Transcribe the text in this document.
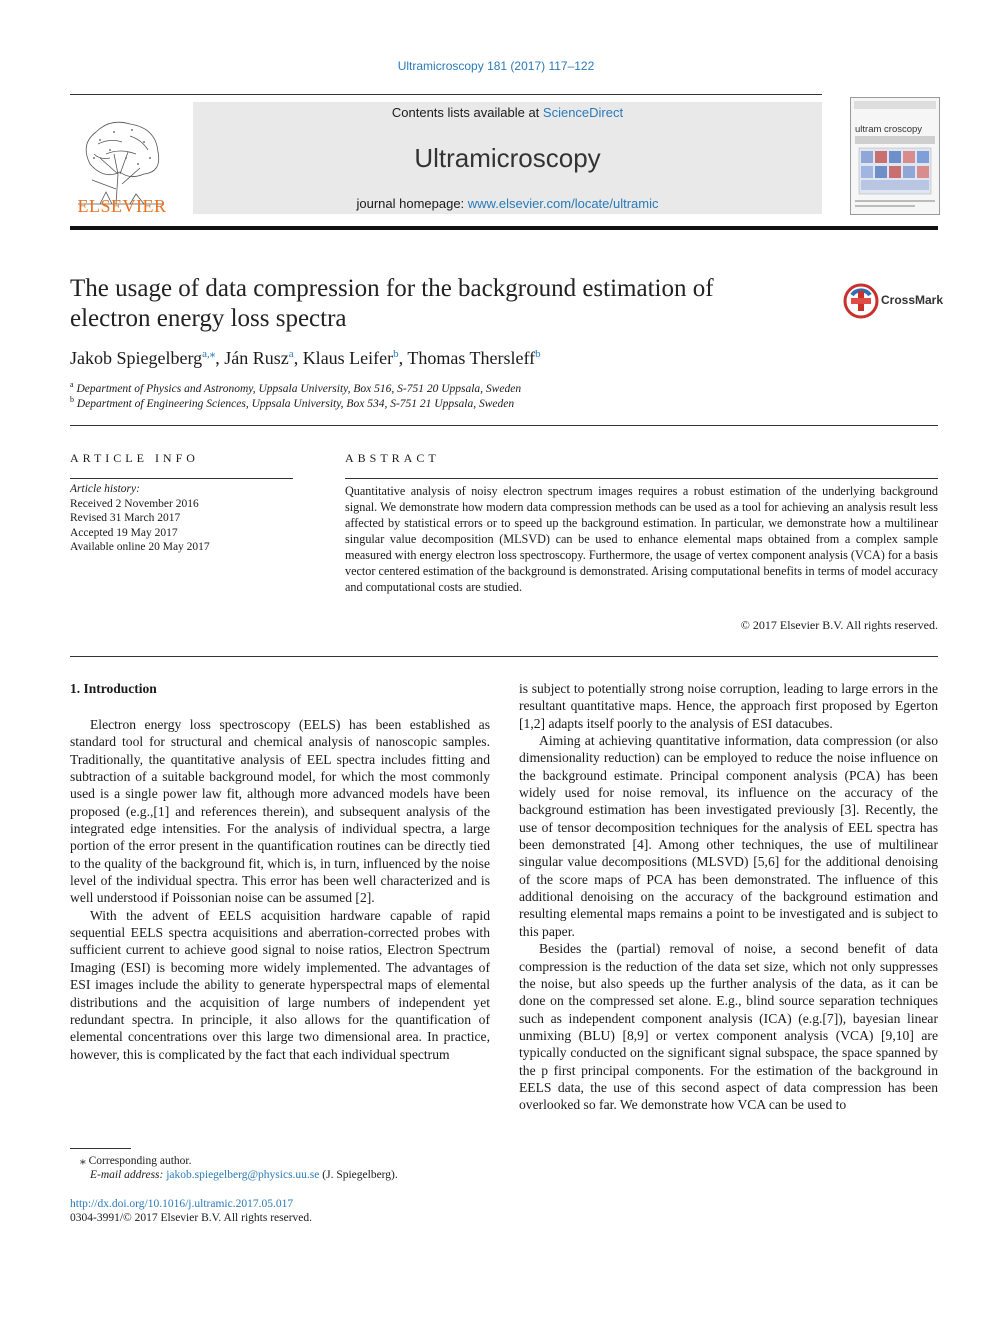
Ultramicroscopy 181 (2017) 117–122
ELSEVIER
Contents lists available at ScienceDirect
Ultramicroscopy
journal homepage: www.elsevier.com/locate/ultramic
ultram croscopy
The usage of data compression for the background estimation of electron energy loss spectra
CrossMark
Jakob Spiegelberg$^{a,⁎}$, Ján Rusz$^a$, Klaus Leifer$^b$, Thomas Thersleff$^b$
$^a$ Department of Physics and Astronomy, Uppsala University, Box 516, S-751 20 Uppsala, Sweden
$^b$ Department of Engineering Sciences, Uppsala University, Box 534, S-751 21 Uppsala, Sweden
ARTICLE INFO	ABSTRACT
Article history:
Received 2 November 2016
Revised 31 March 2017
Accepted 19 May 2017
Available online 20 May 2017
Quantitative analysis of noisy electron spectrum images requires a robust estimation of the underlying background signal. We demonstrate how modern data compression methods can be used as a tool for achieving an analysis result less affected by statistical errors or to speed up the background estimation. In particular, we demonstrate how a multilinear singular value decomposition (MLSVD) can be used to enhance elemental maps obtained from a complex sample measured with energy electron loss spectroscopy. Furthermore, the usage of vertex component analysis (VCA) for a basis vector centered estimation of the background is demonstrated. Arising computational benefits in terms of model accuracy and computational costs are studied.
© 2017 Elsevier B.V. All rights reserved.
1. Introduction

Electron energy loss spectroscopy (EELS) has been established as standard tool for structural and chemical analysis of nanoscopic samples. Traditionally, the quantitative analysis of EEL spectra includes fitting and subtraction of a suitable background model, for which the most commonly used is a single power law fit, although more advanced models have been proposed (e.g.,[1] and references therein), and subsequent analysis of the integrated edge intensities. For the analysis of individual spectra, a large portion of the error present in the quantification routines can be directly tied to the quality of the background fit, which is, in turn, influenced by the noise level of the individual spectra. This error has been well characterized and is well understood if Poissonian noise can be assumed [2].

With the advent of EELS acquisition hardware capable of rapid sequential EELS spectra acquisitions and aberration-corrected probes with sufficient current to achieve good signal to noise ratios, Electron Spectrum Imaging (ESI) is becoming more widely implemented. The advantages of ESI images include the ability to generate hyperspectral maps of elemental distributions and the acquisition of large numbers of independent yet redundant spectra. In principle, it also allows for the quantification of elemental concentrations over this large two dimensional area. In practice, however, this is complicated by the fact that each individual spectrum

is subject to potentially strong noise corruption, leading to large errors in the resultant quantitative maps. Hence, the approach first proposed by Egerton [1,2] adapts itself poorly to the analysis of ESI datacubes.

Aiming at achieving quantitative information, data compression (or also dimensionality reduction) can be employed to reduce the noise influence on the background estimate. Principal component analysis (PCA) has been widely used for noise removal, its influence on the accuracy of the background estimation has been investigated previously [3]. Recently, the use of tensor decomposition techniques for the analysis of EEL spectra has been demonstrated [4]. Among other techniques, the use of multilinear singular value decompositions (MLSVD) [5,6] for the additional denoising of the score maps of PCA has been demonstrated. The influence of this additional denoising on the accuracy of the background estimation and resulting elemental maps remains a point to be investigated and is subject to this paper.

Besides the (partial) removal of noise, a second benefit of data compression is the reduction of the data set size, which not only suppresses the noise, but also speeds up the further analysis of the data, as it can be done on the compressed set alone. E.g., blind source separation techniques such as independent component analysis (ICA) (e.g.[7]), bayesian linear unmixing (BLU) [8,9] or vertex component analysis (VCA) [9,10] are typically conducted on the significant signal subspace, the space spanned by the p first principal components. For the estimation of the background in EELS data, the use of this second aspect of data compression has been overlooked so far. We demonstrate how VCA can be used to

⁎ Corresponding author.
E-mail address: jakob.spiegelberg@physics.uu.se (J. Spiegelberg).
http://dx.doi.org/10.1016/j.ultramic.2017.05.017
0304-3991/© 2017 Elsevier B.V. All rights reserved.
